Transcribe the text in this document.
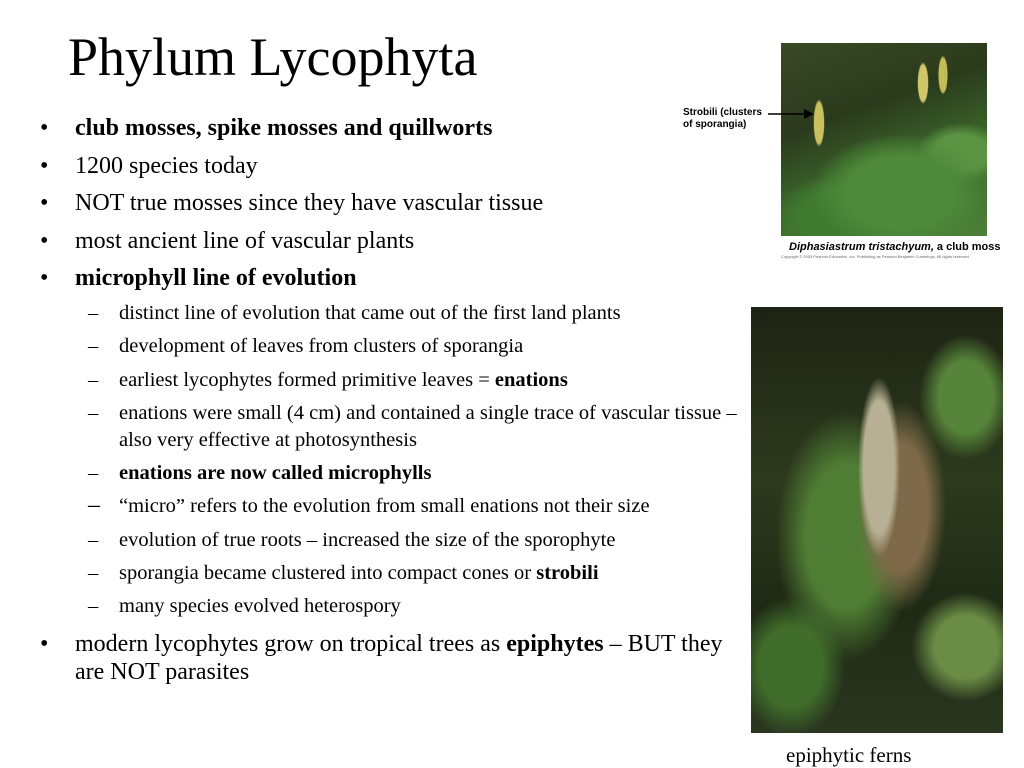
Phylum Lycophyta
• club mosses, spike mosses and quillworts
• 1200 species today
• NOT true mosses since they have vascular tissue
• most ancient line of vascular plants
• microphyll line of evolution
– distinct line of evolution that came out of the first land plants
– development of leaves from clusters of sporangia
– earliest lycophytes formed primitive leaves = enations
– enations were small (4 cm) and contained a single trace of vascular tissue – also very effective at photosynthesis
– enations are now called microphylls
– “micro” refers to the evolution from small enations not their size
– evolution of true roots – increased the size of the sporophyte
– sporangia became clustered into compact cones or strobili
– many species evolved heterospory
• modern lycophytes grow on tropical trees as epiphytes – BUT they are NOT parasites
Strobili (clusters of sporangia)
Diphasiastrum tristachyum, a club moss
Copyright © 2005 Pearson Education, Inc. Publishing as Pearson Benjamin Cummings. All rights reserved.
epiphytic ferns
